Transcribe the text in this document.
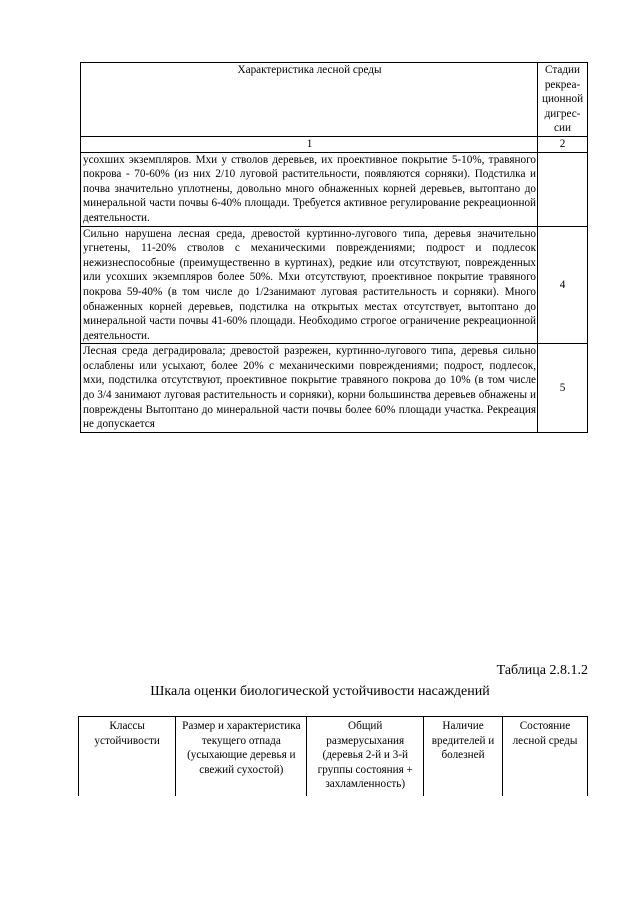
Характеристика лесной среды	Стадии рекреа-ционной дигрес-сии
1	2
усохших экземпляров. Мхи у стволов деревьев, их проективное покрытие 5-10%, травяного покрова - 70-60% (из них 2/10 луговой растительности, появляются сорняки). Подстилка и почва значительно уплотнены, довольно много обнаженных корней деревьев, вытоптано до минеральной части почвы 6-40% площади. Требуется активное регулирование рекреационной деятельности.	
Сильно нарушена лесная среда, древостой куртинно-лугового типа, деревья значительно угнетены, 11-20% стволов с механическими повреждениями; подрост и подлесок нежизнеспособные (преимущественно в куртинах), редкие или отсутствуют, поврежденных или усохших экземпляров более 50%. Мхи отсутствуют, проективное покрытие травяного покрова 59-40% (в том числе до 1/2занимают луговая растительность и сорняки). Много обнаженных корней деревьев, подстилка на открытых местах отсутствует, вытоптано до минеральной части почвы 41-60% площади. Необходимо строгое ограничение рекреационной деятельности.	4
Лесная среда деградировала; древостой разрежен, куртинно-лугового типа, деревья сильно ослаблены или усыхают, более 20% с механическими повреждениями; подрост, подлесок, мхи, подстилка отсутствуют, проективное покрытие травяного покрова до 10% (в том числе до 3/4 занимают луговая растительность и сорняки), корни большинства деревьев обнажены и повреждены Вытоптано до минеральной части почвы более 60% площади участка. Рекреация не допускается	5
Таблица 2.8.1.2
Шкала оценки биологической устойчивости насаждений
Классы устойчивости	Размер и характеристика текущего отпада (усыхающие деревья и свежий сухостой)	Общий размерусыхания (деревья 2-й и 3-й группы состояния + захламленность)	Наличие вредителей и болезней	Состояние лесной среды
